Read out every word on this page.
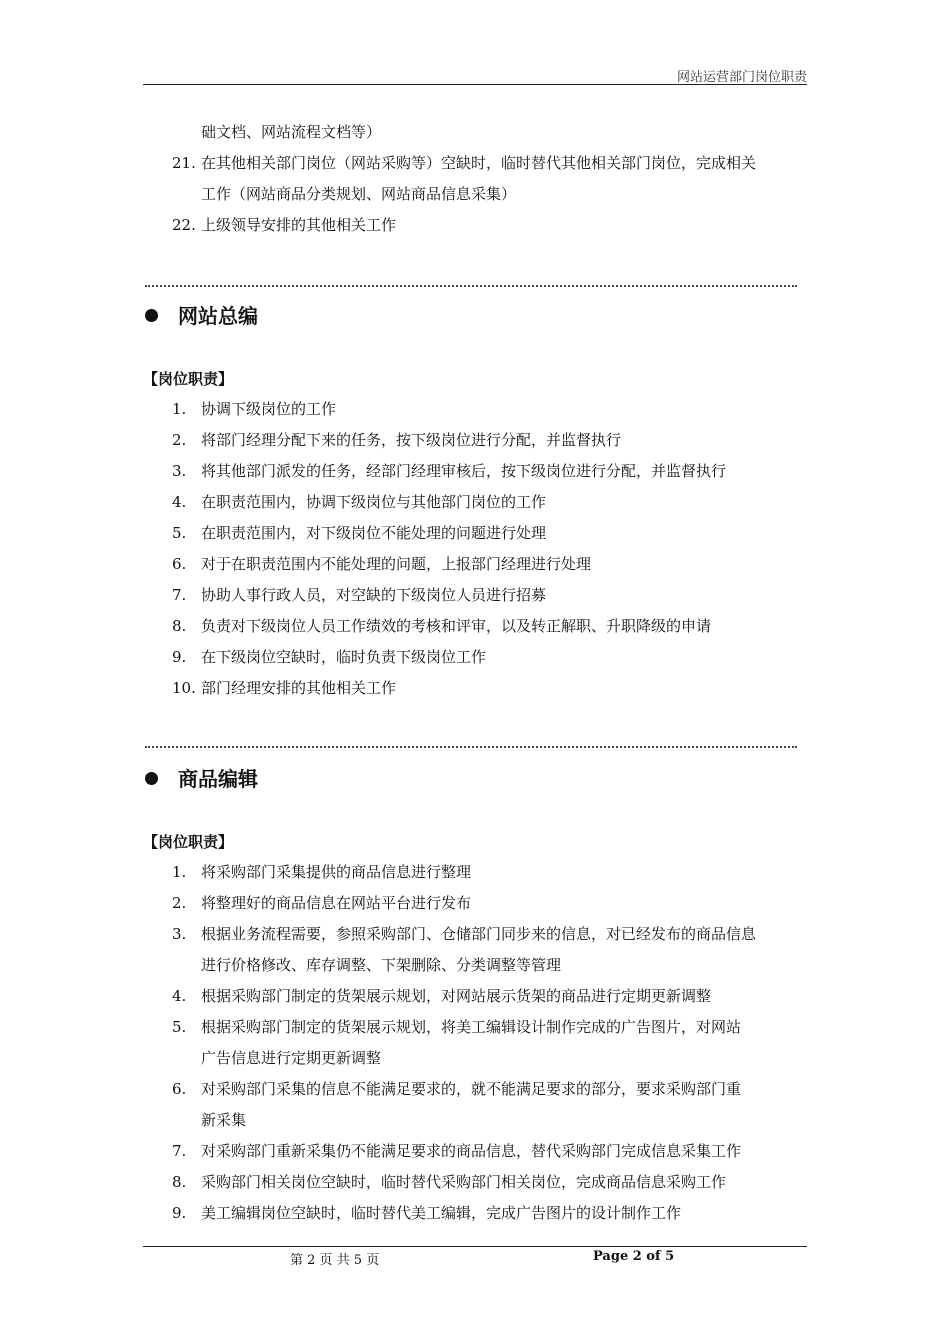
网站运营部门岗位职责
础文档、网站流程文档等）
21. 在其他相关部门岗位（网站采购等）空缺时，临时替代其他相关部门岗位，完成相关
工作（网站商品分类规划、网站商品信息采集）
22. 上级领导安排的其他相关工作
网站总编
【岗位职责】
1. 协调下级岗位的工作
2. 将部门经理分配下来的任务，按下级岗位进行分配，并监督执行
3. 将其他部门派发的任务，经部门经理审核后，按下级岗位进行分配，并监督执行
4. 在职责范围内，协调下级岗位与其他部门岗位的工作
5. 在职责范围内，对下级岗位不能处理的问题进行处理
6. 对于在职责范围内不能处理的问题，上报部门经理进行处理
7. 协助人事行政人员，对空缺的下级岗位人员进行招募
8. 负责对下级岗位人员工作绩效的考核和评审，以及转正解职、升职降级的申请
9. 在下级岗位空缺时，临时负责下级岗位工作
10. 部门经理安排的其他相关工作
商品编辑
【岗位职责】
1. 将采购部门采集提供的商品信息进行整理
2. 将整理好的商品信息在网站平台进行发布
3. 根据业务流程需要，参照采购部门、仓储部门同步来的信息，对已经发布的商品信息
进行价格修改、库存调整、下架删除、分类调整等管理
4. 根据采购部门制定的货架展示规划，对网站展示货架的商品进行定期更新调整
5. 根据采购部门制定的货架展示规划，将美工编辑设计制作完成的广告图片，对网站
广告信息进行定期更新调整
6. 对采购部门采集的信息不能满足要求的，就不能满足要求的部分，要求采购部门重
新采集
7. 对采购部门重新采集仍不能满足要求的商品信息，替代采购部门完成信息采集工作
8. 采购部门相关岗位空缺时，临时替代采购部门相关岗位，完成商品信息采购工作
9. 美工编辑岗位空缺时，临时替代美工编辑，完成广告图片的设计制作工作
第 2 页 共 5 页	Page 2 of 5
